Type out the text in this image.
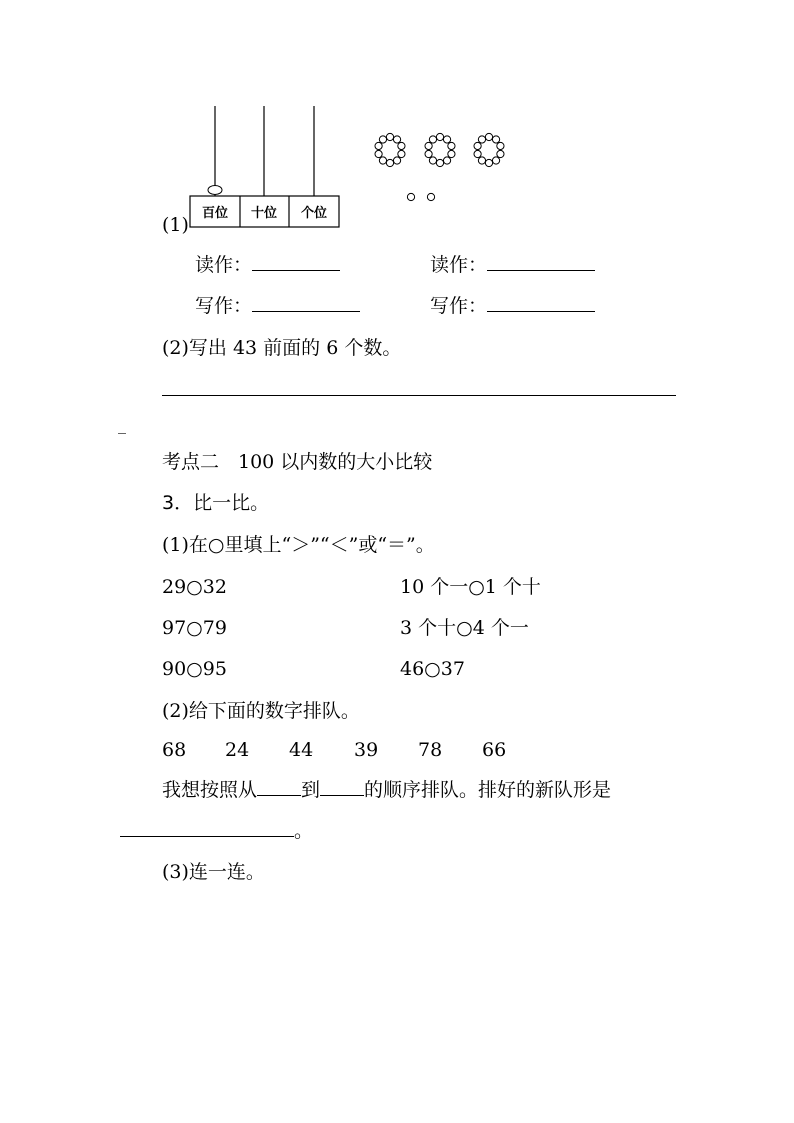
百位 十位 个位
(1)
读作：	读作：
写作：	写作：
(2)写出 43 前面的 6 个数。
_
考点二　100 以内数的大小比较
3．比一比。
(1)在○里填上“＞”“＜”或“＝”。
29○32	10 个一○1 个十
97○79	3 个十○4 个一
90○95	46○37
(2)给下面的数字排队。
68 24 44 39 78 66
我想按照从 到 的顺序排队。排好的新队形是
。
(3)连一连。
